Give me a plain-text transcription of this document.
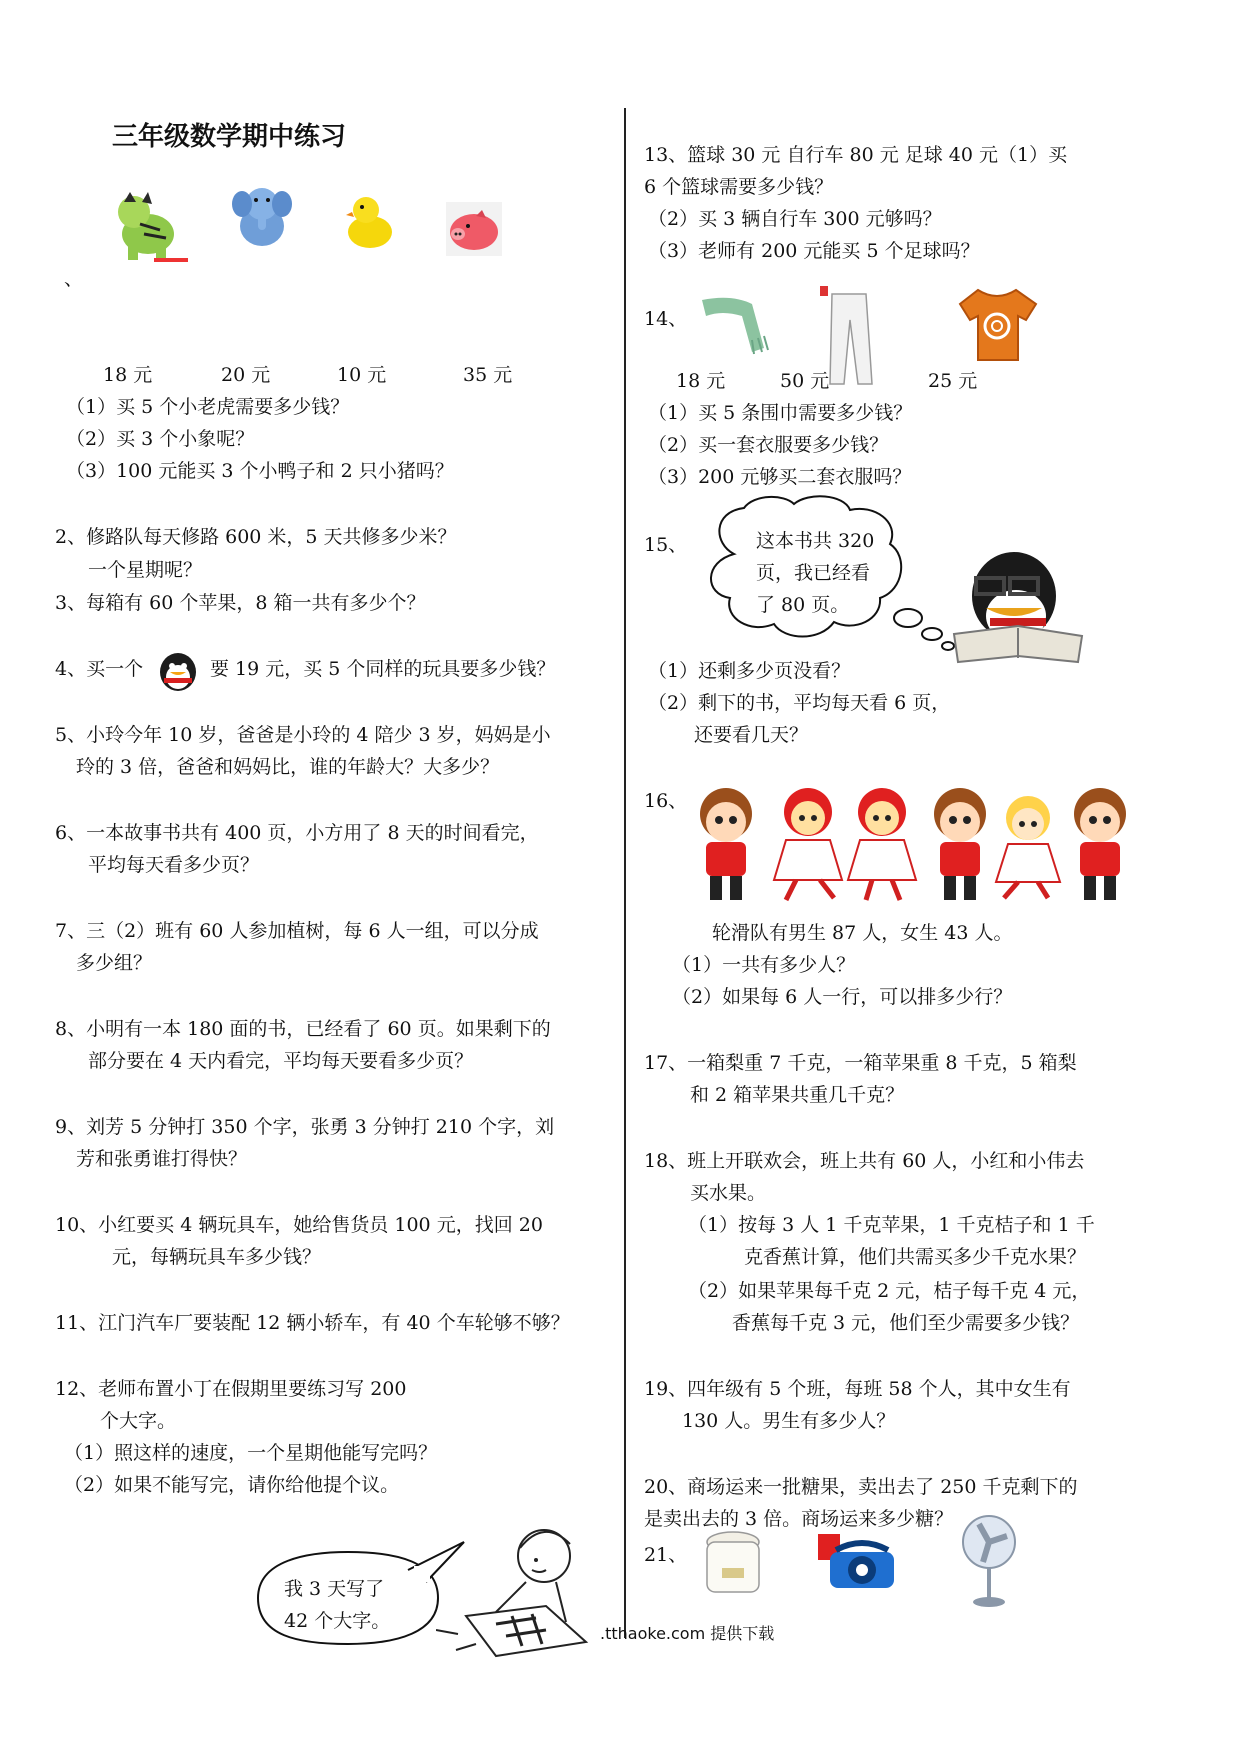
三年级数学期中练习
、
18 元	20 元	10 元	35 元
（1）买 5 个小老虎需要多少钱？
（2）买 3 个小象呢？
（3）100 元能买 3 个小鸭子和 2 只小猪吗？
2、修路队每天修路 600 米，5 天共修多少米？
一个星期呢？
3、每箱有 60 个苹果，8 箱一共有多少个？
4、买一个	要 19 元，买 5 个同样的玩具要多少钱？
5、小玲今年 10 岁，爸爸是小玲的 4 陪少 3 岁，妈妈是小
玲的 3 倍，爸爸和妈妈比，谁的年龄大？大多少？
6、一本故事书共有 400 页，小方用了 8 天的时间看完，
平均每天看多少页？
7、三（2）班有 60 人参加植树，每 6 人一组，可以分成
多少组？
8、小明有一本 180 面的书，已经看了 60 页。如果剩下的
部分要在 4 天内看完，平均每天要看多少页？
9、刘芳 5 分钟打 350 个字，张勇 3 分钟打 210 个字，刘
芳和张勇谁打得快？
10、小红要买 4 辆玩具车，她给售货员 100 元，找回 20
元，每辆玩具车多少钱？
11、江门汽车厂要装配 12 辆小轿车，有 40 个车轮够不够？
12、老师布置小丁在假期里要练习写 200
个大字。
（1）照这样的速度，一个星期他能写完吗？
（2）如果不能写完，请你给他提个议。
我 3 天写了
42 个大字。
13、篮球 30 元 自行车 80 元 足球 40 元（1）买
6 个篮球需要多少钱？
（2）买 3 辆自行车 300 元够吗？
（3）老师有 200 元能买 5 个足球吗？
14、
18 元	50 元	25 元
（1）买 5 条围巾需要多少钱？
（2）买一套衣服要多少钱？
（3）200 元够买二套衣服吗？
15、	这本书共 320
页，我已经看
了 80 页。
（1）还剩多少页没看？
（2）剩下的书，平均每天看 6 页，
还要看几天？
16、
轮滑队有男生 87 人，女生 43 人。
（1）一共有多少人？
（2）如果每 6 人一行，可以排多少行？
17、一箱梨重 7 千克，一箱苹果重 8 千克，5 箱梨
和 2 箱苹果共重几千克？
18、班上开联欢会，班上共有 60 人，小红和小伟去
买水果。
（1）按每 3 人 1 千克苹果，1 千克桔子和 1 千
克香蕉计算，他们共需买多少千克水果？
（2）如果苹果每千克 2 元，桔子每千克 4 元，
香蕉每千克 3 元，他们至少需要多少钱？
19、四年级有 5 个班，每班 58 个人，其中女生有
130 人。男生有多少人？
20、商场运来一批糖果，卖出去了 250 千克剩下的
是卖出去的 3 倍。商场运来多少糖？
21、
.tthaoke.com 提供下载
